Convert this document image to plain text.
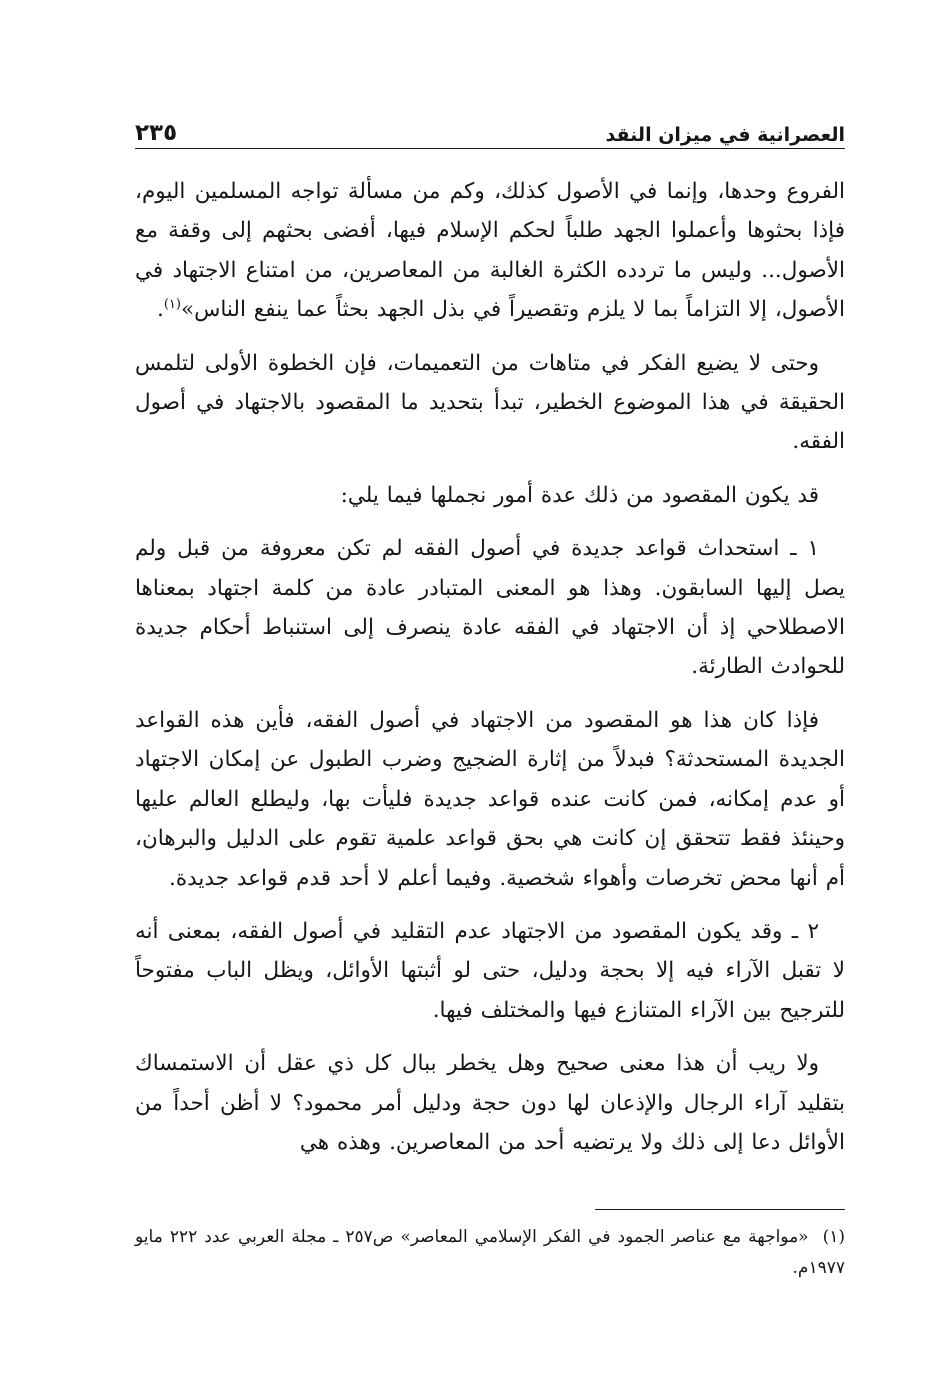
العصرانية في ميزان النقد
٢٣٥

الفروع وحدها، وإنما في الأصول كذلك، وكم من مسألة تواجه المسلمين اليوم، فإذا بحثوها وأعملوا الجهد طلباً لحكم الإسلام فيها، أفضى بحثهم إلى وقفة مع الأصول... وليس ما تردده الكثرة الغالبة من المعاصرين، من امتناع الاجتهاد في الأصول، إلا التزاماً بما لا يلزم وتقصيراً في بذل الجهد بحثاً عما ينفع الناس»$^{(١)}$.

وحتى لا يضيع الفكر في متاهات من التعميمات، فإن الخطوة الأولى لتلمس الحقيقة في هذا الموضوع الخطير، تبدأ بتحديد ما المقصود بالاجتهاد في أصول الفقه.

قد يكون المقصود من ذلك عدة أمور نجملها فيما يلي:

١ ـ استحداث قواعد جديدة في أصول الفقه لم تكن معروفة من قبل ولم يصل إليها السابقون. وهذا هو المعنى المتبادر عادة من كلمة اجتهاد بمعناها الاصطلاحي إذ أن الاجتهاد في الفقه عادة ينصرف إلى استنباط أحكام جديدة للحوادث الطارئة.

فإذا كان هذا هو المقصود من الاجتهاد في أصول الفقه، فأين هذه القواعد الجديدة المستحدثة؟ فبدلاً من إثارة الضجيج وضرب الطبول عن إمكان الاجتهاد أو عدم إمكانه، فمن كانت عنده قواعد جديدة فليأت بها، وليطلع العالم عليها وحينئذ فقط تتحقق إن كانت هي بحق قواعد علمية تقوم على الدليل والبرهان، أم أنها محض تخرصات وأهواء شخصية. وفيما أعلم لا أحد قدم قواعد جديدة.

٢ ـ وقد يكون المقصود من الاجتهاد عدم التقليد في أصول الفقه، بمعنى أنه لا تقبل الآراء فيه إلا بحجة ودليل، حتى لو أثبتها الأوائل، ويظل الباب مفتوحاً للترجيح بين الآراء المتنازع فيها والمختلف فيها.

ولا ريب أن هذا معنى صحيح وهل يخطر ببال كل ذي عقل أن الاستمساك بتقليد آراء الرجال والإذعان لها دون حجة ودليل أمر محمود؟ لا أظن أحداً من الأوائل دعا إلى ذلك ولا يرتضيه أحد من المعاصرين. وهذه هي

(١)«مواجهة مع عناصر الجمود في الفكر الإسلامي المعاصر» ص٢٥٧ ـ مجلة العربي عدد ٢٢٢ مايو ١٩٧٧م.
